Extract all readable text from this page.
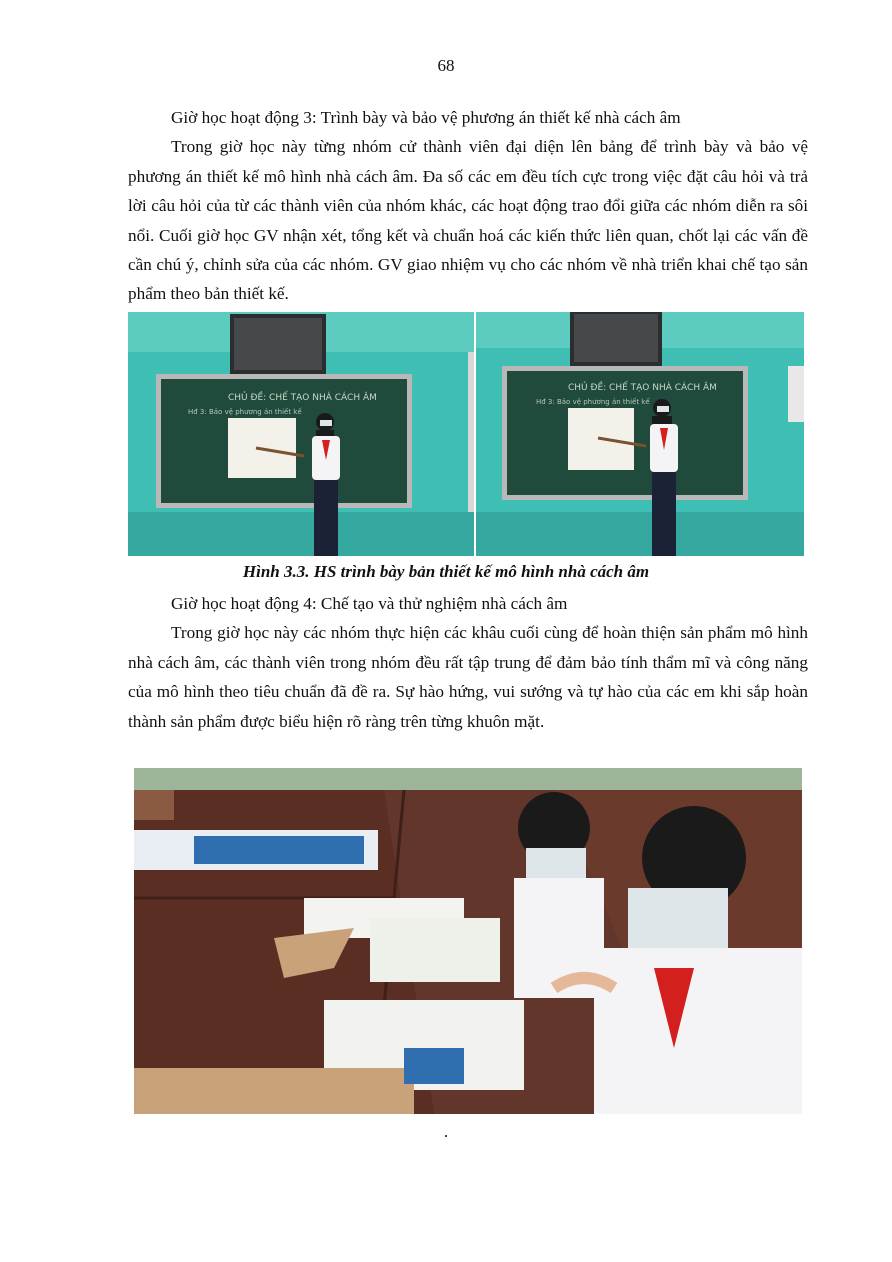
68

Giờ học hoạt động 3: Trình bày và bảo vệ phương án thiết kế nhà cách âm

Trong giờ học này từng nhóm cử thành viên đại diện lên bảng để trình bày và bảo vệ phương án thiết kế mô hình nhà cách âm. Đa số các em đều tích cực trong việc đặt câu hỏi và trả lời câu hỏi của từ các thành viên của nhóm khác, các hoạt động trao đổi giữa các nhóm diễn ra sôi nổi. Cuối giờ học GV nhận xét, tổng kết và chuẩn hoá các kiến thức liên quan, chốt lại các vấn đề cần chú ý, chỉnh sửa của các nhóm. GV giao nhiệm vụ cho các nhóm về nhà triển khai chế tạo sản phẩm theo bản thiết kế.

CHỦ ĐỀ: CHẾ TẠO NHÀ CÁCH ÂM
Hđ 3: Bảo vệ phương án thiết kế
CHỦ ĐỀ: CHẾ TẠO NHÀ CÁCH ÂM
Hđ 3: Bảo vệ phương án thiết kế
Hình 3.3. HS trình bày bản thiết kế mô hình nhà cách âm

Giờ học hoạt động 4: Chế tạo và thử nghiệm nhà cách âm

Trong giờ học này các nhóm thực hiện các khâu cuối cùng để hoàn thiện sản phẩm mô hình nhà cách âm, các thành viên trong nhóm đều rất tập trung để đảm bảo tính thẩm mĩ và công năng của mô hình theo tiêu chuẩn đã đề ra. Sự hào hứng, vui sướng và tự hào của các em khi sắp hoàn thành sản phẩm được biểu hiện rõ ràng trên từng khuôn mặt.

.
